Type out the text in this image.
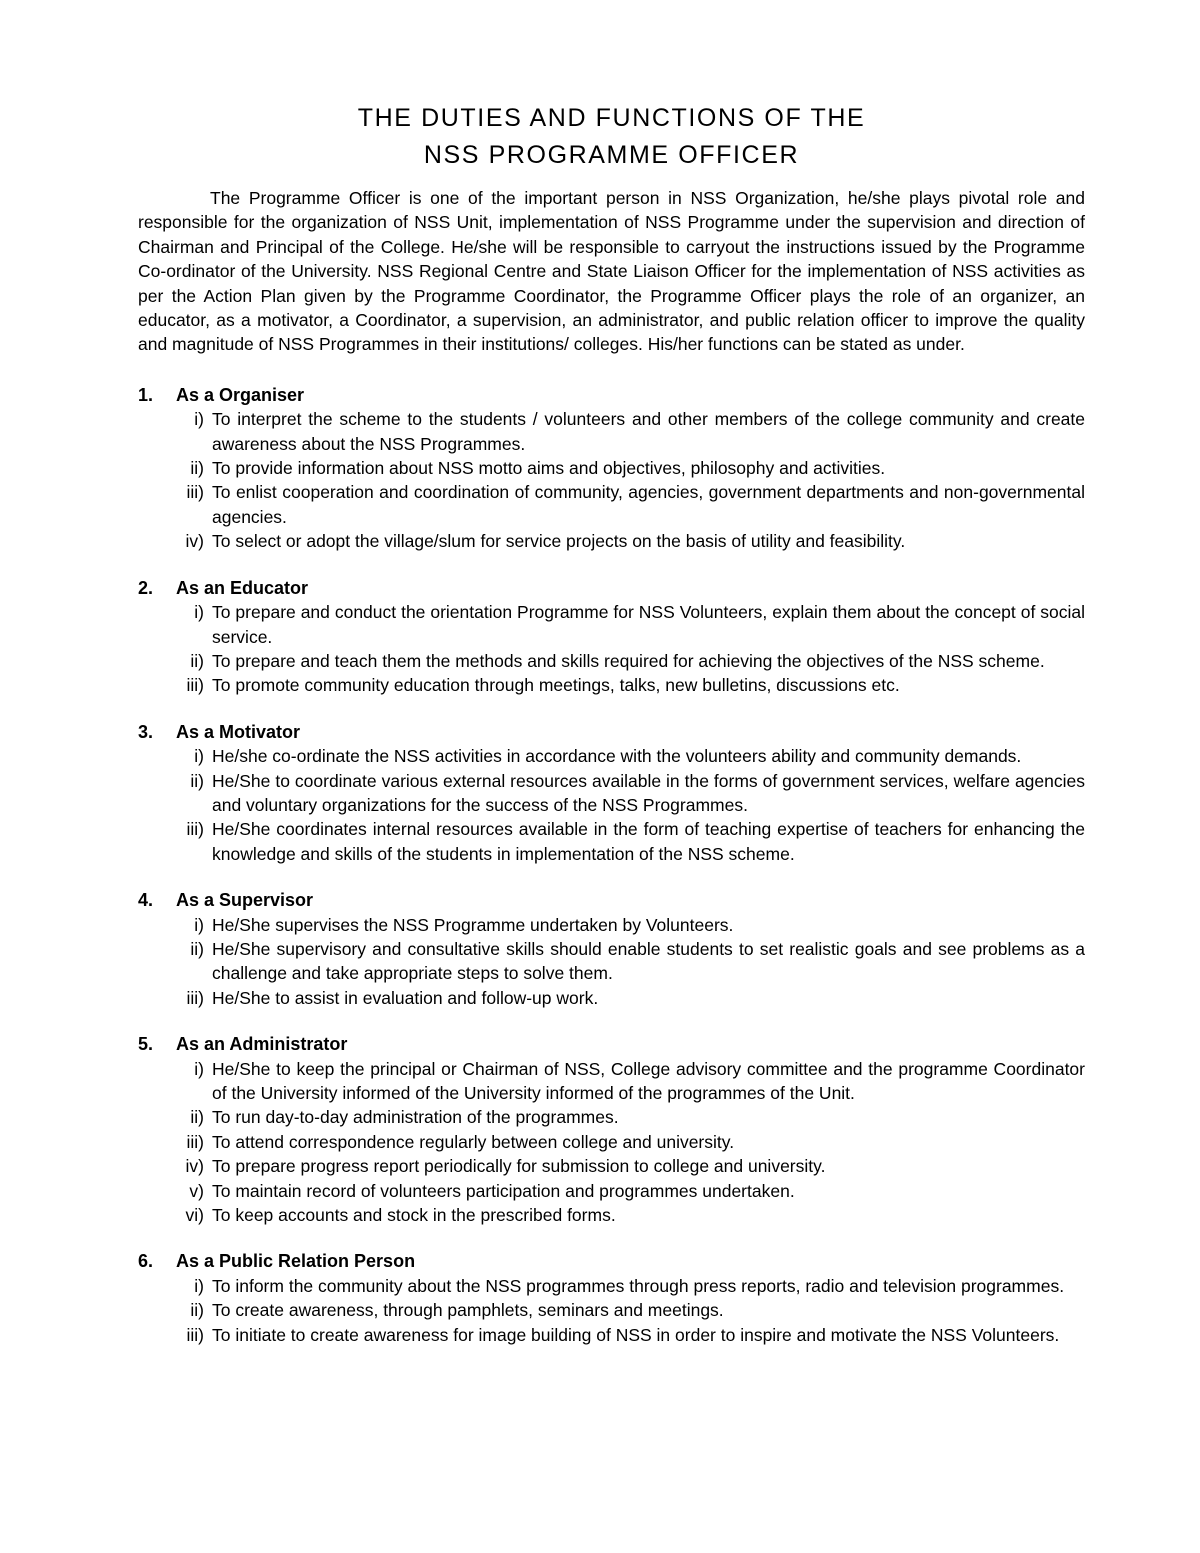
THE DUTIES AND FUNCTIONS OF THE
NSS PROGRAMME OFFICER

The Programme Officer is one of the important person in NSS Organization, he/she plays pivotal role and responsible for the organization of NSS Unit, implementation of NSS Programme under the supervision and direction of Chairman and Principal of the College. He/she will be responsible to carryout the instructions issued by the Programme Co-ordinator of the University. NSS Regional Centre and State Liaison Officer for the implementation of NSS activities as per the Action Plan given by the Programme Coordinator, the Programme Officer plays the role of an organizer, an educator, as a motivator, a Coordinator, a supervision, an administrator, and public relation officer to improve the quality and magnitude of NSS Programmes in their institutions/ colleges. His/her functions can be stated as under.

1.	As a Organiser
i) To interpret the scheme to the students / volunteers and other members of the college community and create awareness about the NSS Programmes.
ii) To provide information about NSS motto aims and objectives, philosophy and activities.
iii) To enlist cooperation and coordination of community, agencies, government departments and non-governmental agencies.
iv) To select or adopt the village/slum for service projects on the basis of utility and feasibility.
2.	As an Educator
i) To prepare and conduct the orientation Programme for NSS Volunteers, explain them about the concept of social service.
ii) To prepare and teach them the methods and skills required for achieving the objectives of the NSS scheme.
iii) To promote community education through meetings, talks, new bulletins, discussions etc.
3.	As a Motivator
i) He/she co-ordinate the NSS activities in accordance with the volunteers ability and community demands.
ii) He/She to coordinate various external resources available in the forms of government services, welfare agencies and voluntary organizations for the success of the NSS Programmes.
iii) He/She coordinates internal resources available in the form of teaching expertise of teachers for enhancing the knowledge and skills of the students in implementation of the NSS scheme.
4.	As a Supervisor
i) He/She supervises the NSS Programme undertaken by Volunteers.
ii) He/She supervisory and consultative skills should enable students to set realistic goals and see problems as a challenge and take appropriate steps to solve them.
iii) He/She to assist in evaluation and follow-up work.
5.	As an Administrator
i) He/She to keep the principal or Chairman of NSS, College advisory committee and the programme Coordinator of the University informed of the University informed of the programmes of the Unit.
ii) To run day-to-day administration of the programmes.
iii) To attend correspondence regularly between college and university.
iv) To prepare progress report periodically for submission to college and university.
v) To maintain record of volunteers participation and programmes undertaken.
vi) To keep accounts and stock in the prescribed forms.
6.	As a Public Relation Person
i) To inform the community about the NSS programmes through press reports, radio and television programmes.
ii) To create awareness, through pamphlets, seminars and meetings.
iii) To initiate to create awareness for image building of NSS in order to inspire and motivate the NSS Volunteers.
